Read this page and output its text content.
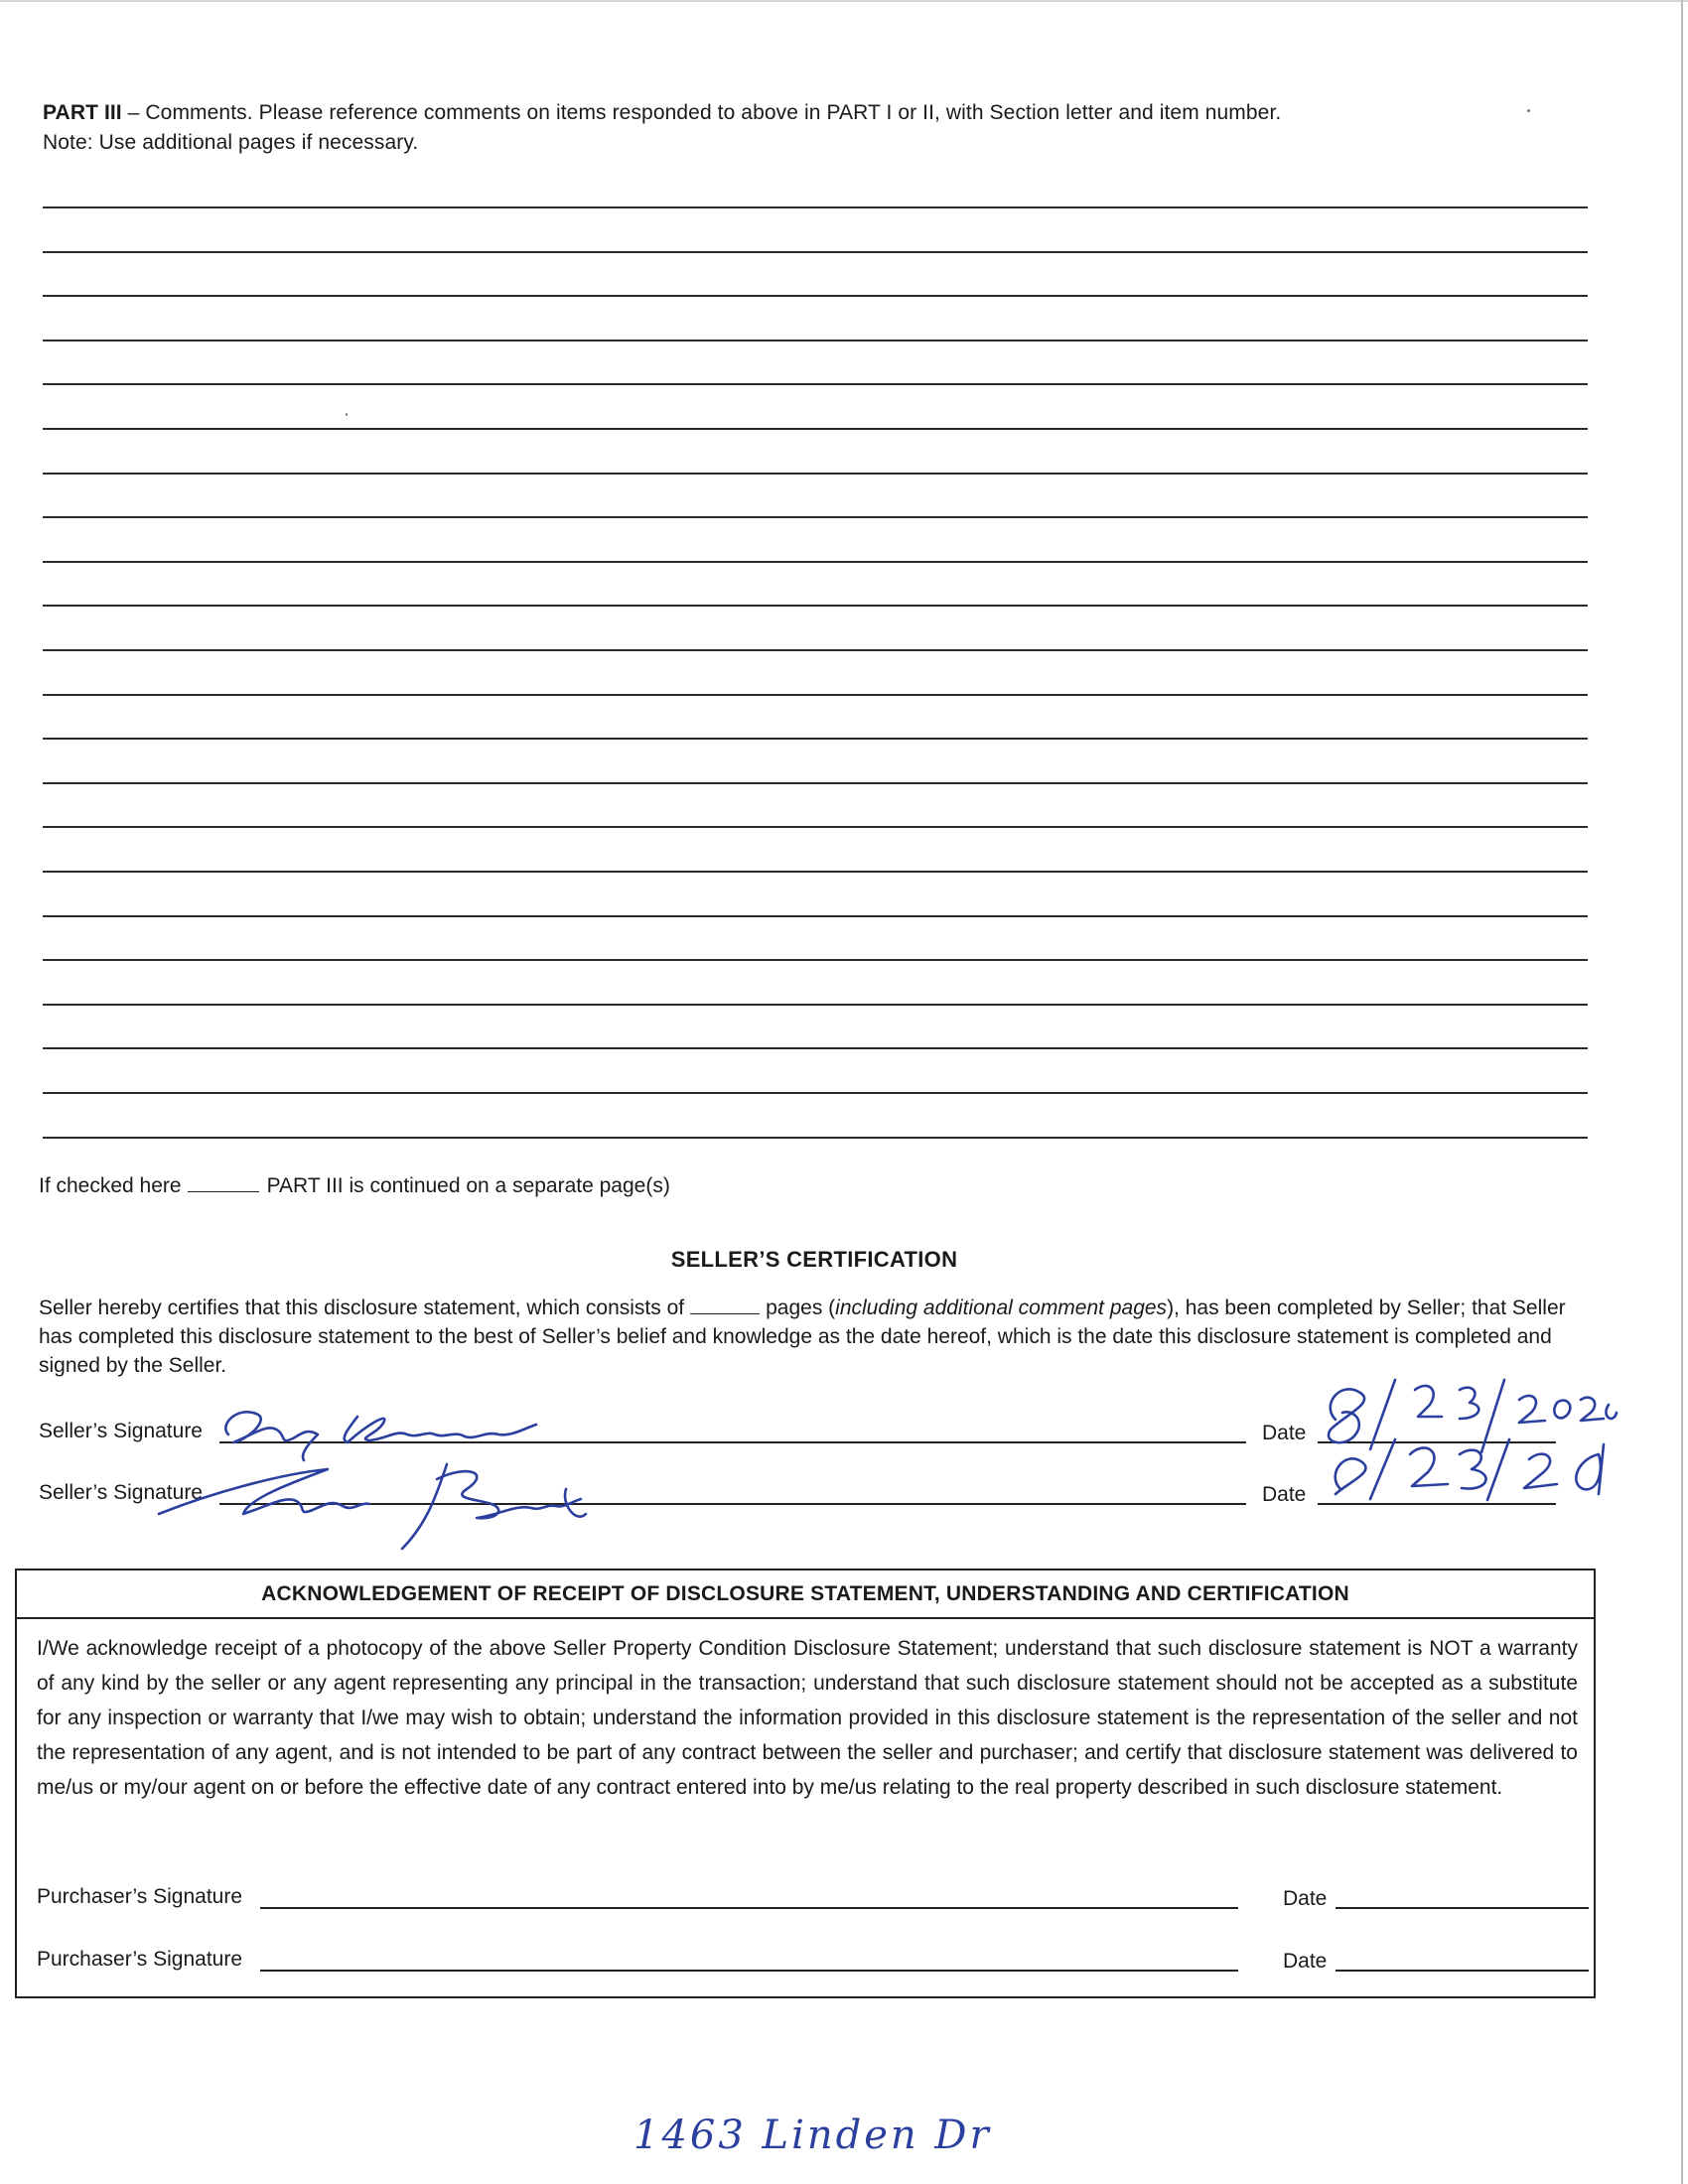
PART III – Comments. Please reference comments on items responded to above in PART I or II, with Section letter and item number.
Note: Use additional pages if necessary.
If checked here	PART III is continued on a separate page(s)
SELLER’S CERTIFICATION
Seller hereby certifies that this disclosure statement, which consists of	pages (including additional comment pages), has been completed by Seller; that Seller has completed this disclosure statement to the best of Seller’s belief and knowledge as the date hereof, which is the date this disclosure statement is completed and signed by the Seller.
Seller’s Signature	Date
Seller’s Signature	Date
ACKNOWLEDGEMENT OF RECEIPT OF DISCLOSURE STATEMENT, UNDERSTANDING AND CERTIFICATION
I/We acknowledge receipt of a photocopy of the above Seller Property Condition Disclosure Statement; understand that such disclosure statement is NOT a warranty of any kind by the seller or any agent representing any principal in the transaction; understand that such disclosure statement should not be accepted as a substitute for any inspection or warranty that I/we may wish to obtain; understand the information provided in this disclosure statement is the representation of the seller and not the representation of any agent, and is not intended to be part of any contract between the seller and purchaser; and certify that disclosure statement was delivered to me/us or my/our agent on or before the effective date of any contract entered into by me/us relating to the real property described in such disclosure statement.
Purchaser’s Signature	Date
Purchaser’s Signature	Date
1463 Linden Dr
